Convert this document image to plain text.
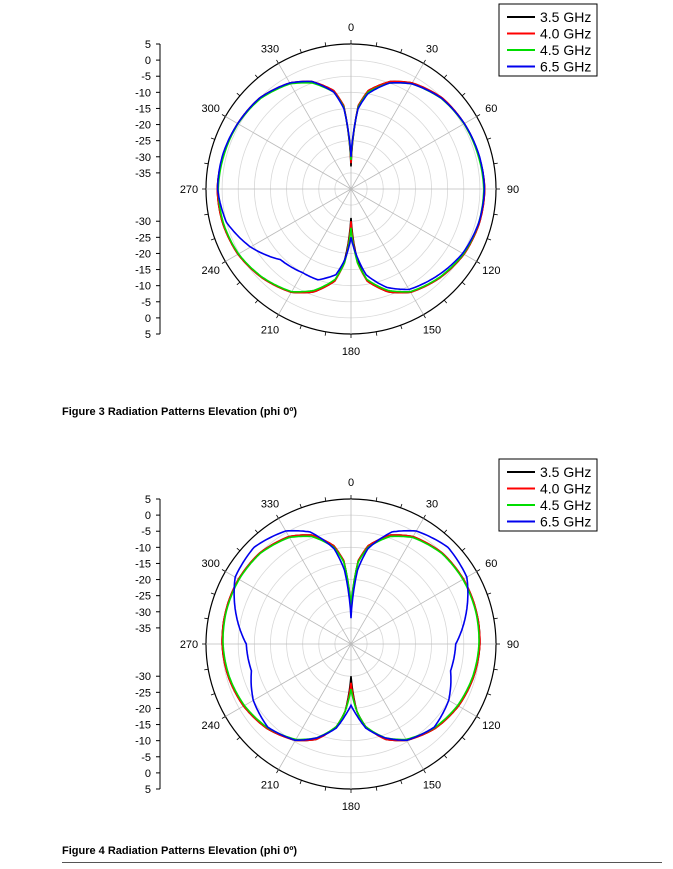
0
30
60
90
120
150
180
210
240
270
300
330
5
0
-5
-10
-15
-20
-25
-30
-35
5
0
-5
-10
-15
-20
-25
-30
3.5 GHz
4.0 GHz
4.5 GHz
6.5 GHz
Figure 3 Radiation Patterns Elevation (phi 0º)
0
30
60
90
120
150
180
210
240
270
300
330
5
0
-5
-10
-15
-20
-25
-30
-35
5
0
-5
-10
-15
-20
-25
-30
3.5 GHz
4.0 GHz
4.5 GHz
6.5 GHz
Figure 4 Radiation Patterns Elevation (phi 0º)
